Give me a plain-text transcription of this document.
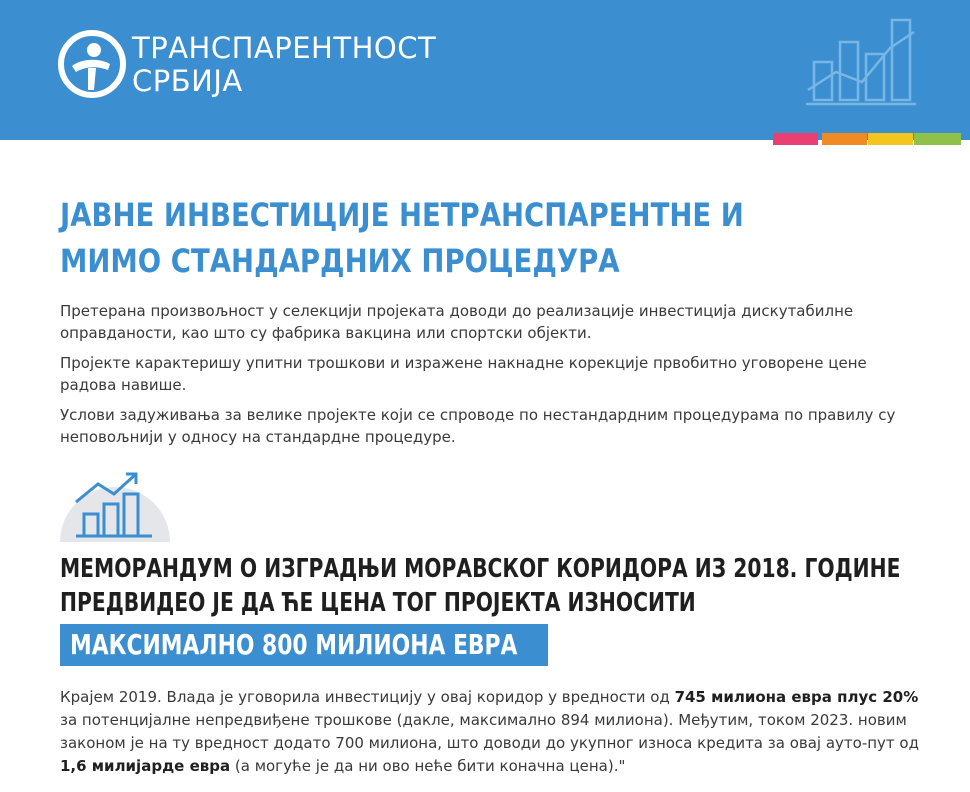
ТРАНСПАРЕНТНОСТ
СРБИЈА
ЈАВНЕ ИНВЕСТИЦИЈЕ НЕТРАНСПАРЕНТНЕ И
МИМО СТАНДАРДНИХ ПРОЦЕДУРА

Претерана произвољност у селекцији пројеката доводи до реализације инвестиција дискутабилне оправданости, као што су фабрика вакцина или спортски објекти.

Пројекте карактеришу упитни трошкови и изражене накнадне корекције првобитно уговорене цене радова навише.

Услови задуживања за велике пројекте који се спроводе по нестандардним процедурама по правилу су неповољнији у односу на стандардне процедуре.

МЕМОРАНДУМ О ИЗГРАДЊИ МОРАВСКОГ КОРИДОРА ИЗ 2018. ГОДИНЕ
ПРЕДВИДЕО ЈЕ ДА ЋЕ ЦЕНА ТОГ ПРОЈЕКТА ИЗНОСИТИ
МАКСИМАЛНО 800 МИЛИОНА ЕВРА

Крајем 2019. Влада је уговорила инвестицију у овај коридор у вредности од 745 милиона евра плус 20% за потенцијалне непредвиђене трошкове (дакле, максимално 894 милиона). Међутим, током 2023. новим законом је на ту вредност додато 700 милиона, што доводи до укупног износа кредита за овај ауто-пут од 1,6 милијарде евра (а могуће је да ни ово неће бити коначна цена)."
